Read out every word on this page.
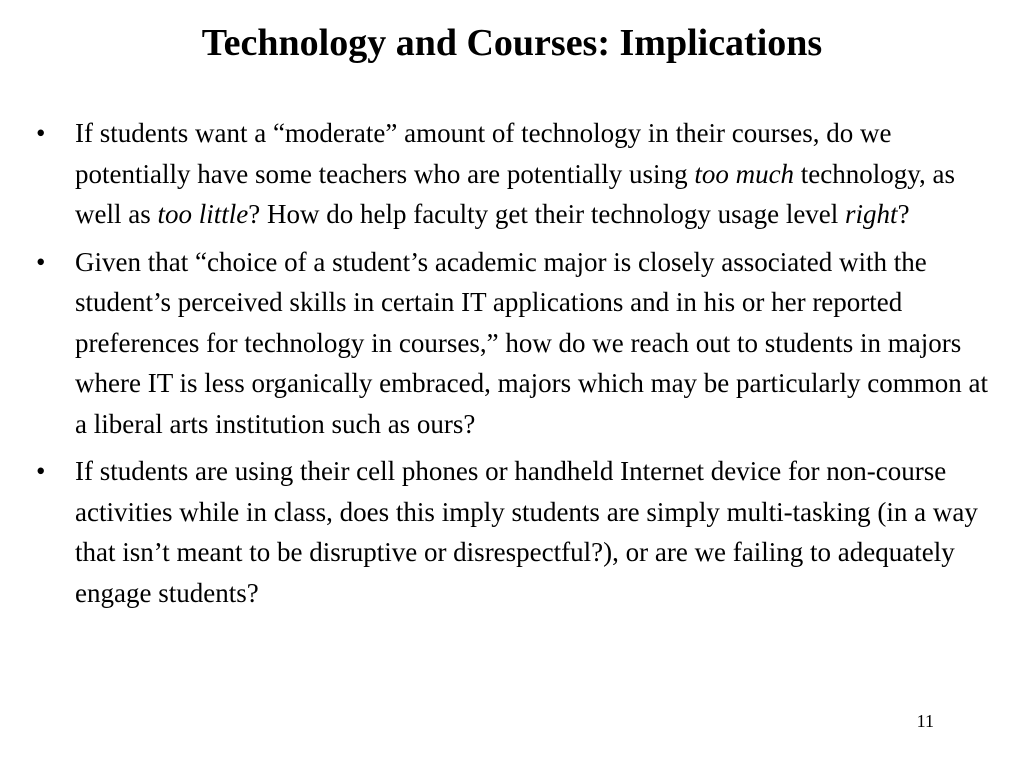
Technology and Courses: Implications
•	If students want a “moderate” amount of technology in their courses, do we potentially have some teachers who are potentially using too much technology, as well as too little? How do help faculty get their technology usage level right?
•	Given that “choice of a student’s academic major is closely associated with the student’s perceived skills in certain IT applications and in his or her reported preferences for technology in courses,” how do we reach out to students in majors where IT is less organically embraced, majors which may be particularly common at a liberal arts institution such as ours?
•	If students are using their cell phones or handheld Internet device for non-course activities while in class, does this imply students are simply multi-tasking (in a way that isn’t meant to be disruptive or disrespectful?), or are we failing to adequately engage students?
11
